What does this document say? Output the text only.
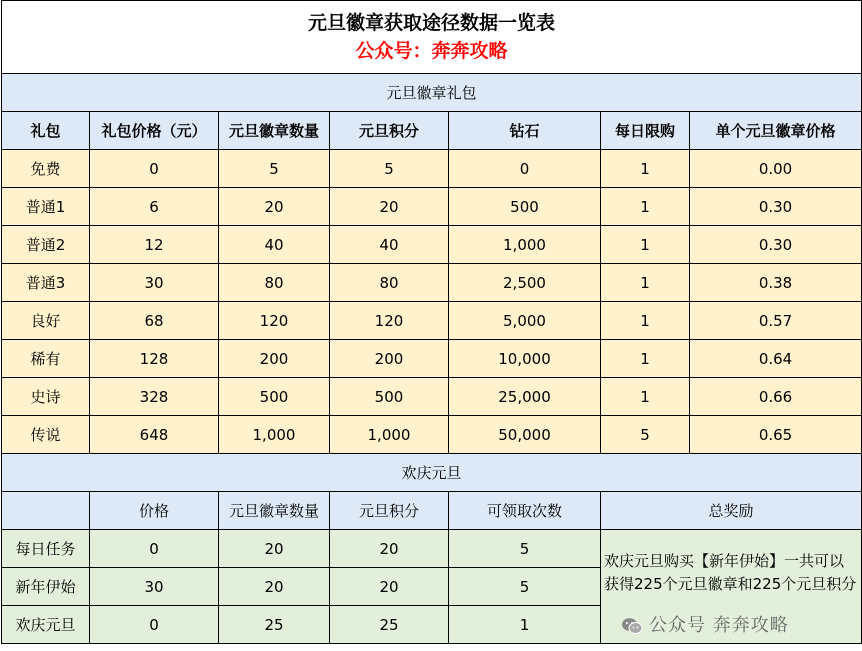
元旦徽章获取途径数据一览表
公众号：奔奔攻略						

元旦徽章礼包						
礼包	礼包价格（元）	元旦徽章数量	元旦积分	钻石	每日限购	单个元旦徽章价格
免费	0	5	5	0	1	0.00
普通1	6	20	20	500	1	0.30
普通2	12	40	40	1,000	1	0.30
普通3	30	80	80	2,500	1	0.38
良好	68	120	120	5,000	1	0.57
稀有	128	200	200	10,000	1	0.64
史诗	328	500	500	25,000	1	0.66
传说	648	1,000	1,000	50,000	5	0.65
欢庆元旦						
	价格	元旦徽章数量	元旦积分	可领取次数	总奖励	
每日任务	0	20	20	5	欢庆元旦购买【新年伊始】一共可以获得225个元旦徽章和225个元旦积分
公众号 奔奔攻略	

新年伊始	30	20	20	5		
欢庆元旦	0	25	25	1		
